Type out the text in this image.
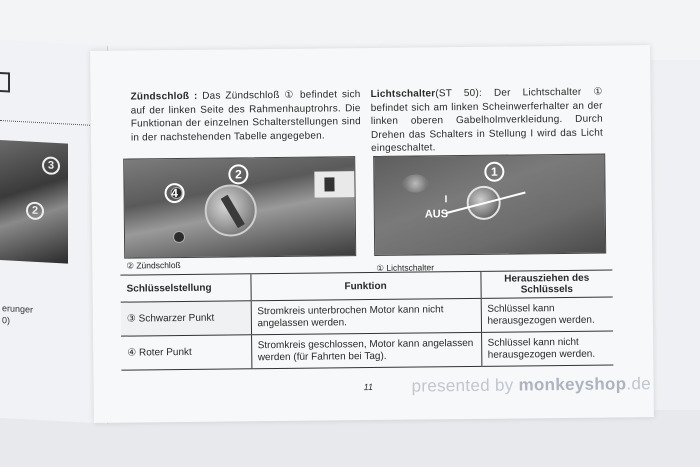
3
2
erunger
0)
Zündschloß : Das Zündschloß ① befindet sich auf der linken Seite des Rahmenhauptrohrs. Die Funktionan der einzelnen Schalterstellungen sind in der nachstehenden Tabelle angegeben.
Lichtschalter(ST 50): Der Lichtschalter ① befindet sich am linken Scheinwerferhalter an der linken oberen Gabelholmverkleidung. Durch Drehen das Schalters in Stellung I wird das Licht eingeschaltet.
2
4	I
AUS
1
② Zündschloß	① Lichtschalter
Schlüsselstellung	Funktion	Herausziehen des Schlüssels
③ Schwarzer Punkt	Stromkreis unterbrochen Motor kann nicht angelassen werden.	Schlüssel kann herausgezogen werden.
④ Roter Punkt	Stromkreis geschlossen, Motor kann angelassen werden (für Fahrten bei Tag).	Schlüssel kann nicht herausgezogen werden.
11 presented by monkeyshop.de
